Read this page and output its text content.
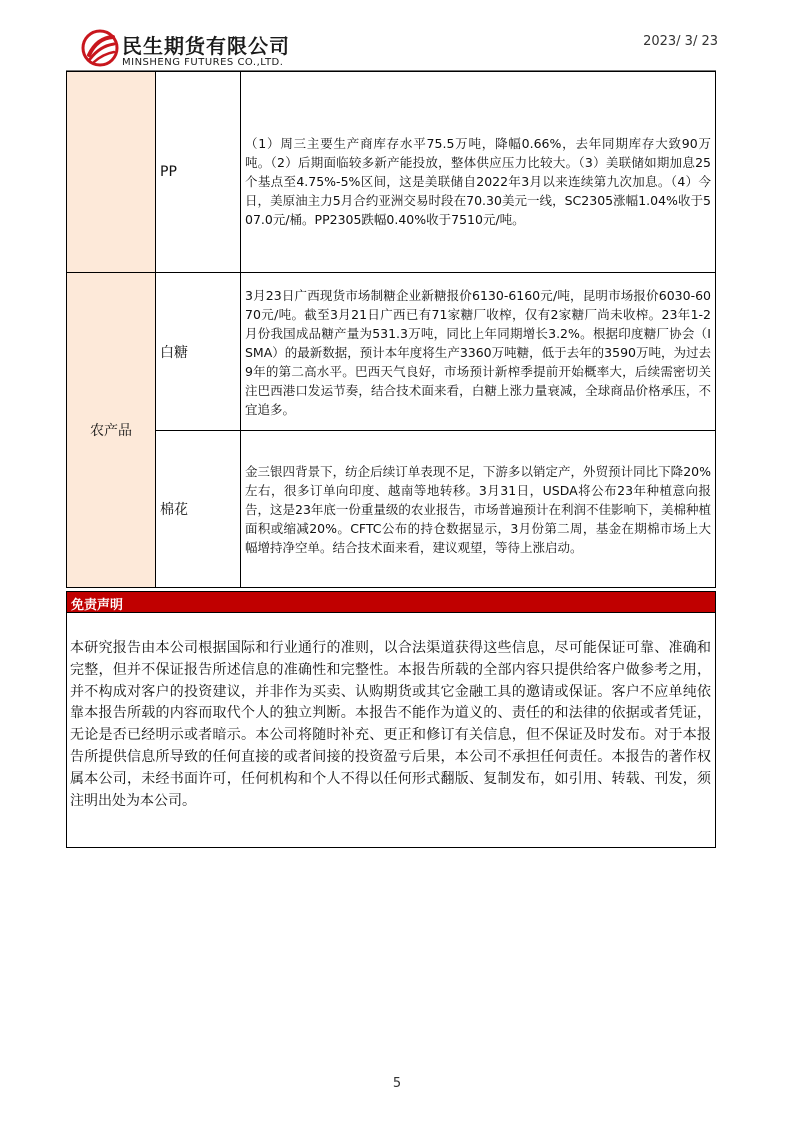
民生期货有限公司
MINSHENG FUTURES CO.,LTD.
2023/ 3/ 23

	PP	（1）周三主要生产商库存水平75.5万吨，降幅0.66%，去年同期库存大致90万吨。（2）后期面临较多新产能投放，整体供应压力比较大。（3）美联储如期加息25个基点至4.75%-5%区间，这是美联储自2022年3月以来连续第九次加息。（4）今日，美原油主力5月合约亚洲交易时段在70.30美元一线，SC2305涨幅1.04%收于507.0元/桶。PP2305跌幅0.40%收于7510元/吨。

农产品	白糖	3月23日广西现货市场制糖企业新糖报价6130-6160元/吨，昆明市场报价6030-6070元/吨。截至3月21日广西已有71家糖厂收榨，仅有2家糖厂尚未收榨。23年1-2月份我国成品糖产量为531.3万吨，同比上年同期增长3.2%。根据印度糖厂协会（ISMA）的最新数据，预计本年度将生产3360万吨糖，低于去年的3590万吨，为过去9年的第二高水平。巴西天气良好，市场预计新榨季提前开始概率大，后续需密切关注巴西港口发运节奏，结合技术面来看，白糖上涨力量衰减，全球商品价格承压，不宜追多。

	棉花	金三银四背景下，纺企后续订单表现不足，下游多以销定产，外贸预计同比下降20%左右，很多订单向印度、越南等地转移。3月31日，USDA将公布23年种植意向报告，这是23年底一份重量级的农业报告，市场普遍预计在利润不佳影响下，美棉种植面积或缩减20%。CFTC公布的持仓数据显示，3月份第二周，基金在期棉市场上大幅增持净空单。结合技术面来看，建议观望，等待上涨启动。
免责声明
本研究报告由本公司根据国际和行业通行的准则，以合法渠道获得这些信息，尽可能保证可靠、准确和完整，但并不保证报告所述信息的准确性和完整性。本报告所载的全部内容只提供给客户做参考之用，并不构成对客户的投资建议，并非作为买卖、认购期货或其它金融工具的邀请或保证。客户不应单纯依靠本报告所载的内容而取代个人的独立判断。本报告不能作为道义的、责任的和法律的依据或者凭证，无论是否已经明示或者暗示。本公司将随时补充、更正和修订有关信息，但不保证及时发布。对于本报告所提供信息所导致的任何直接的或者间接的投资盈亏后果，本公司不承担任何责任。本报告的著作权属本公司，未经书面许可，任何机构和个人不得以任何形式翻版、复制发布，如引用、转载、刊发，须注明出处为本公司。
5
